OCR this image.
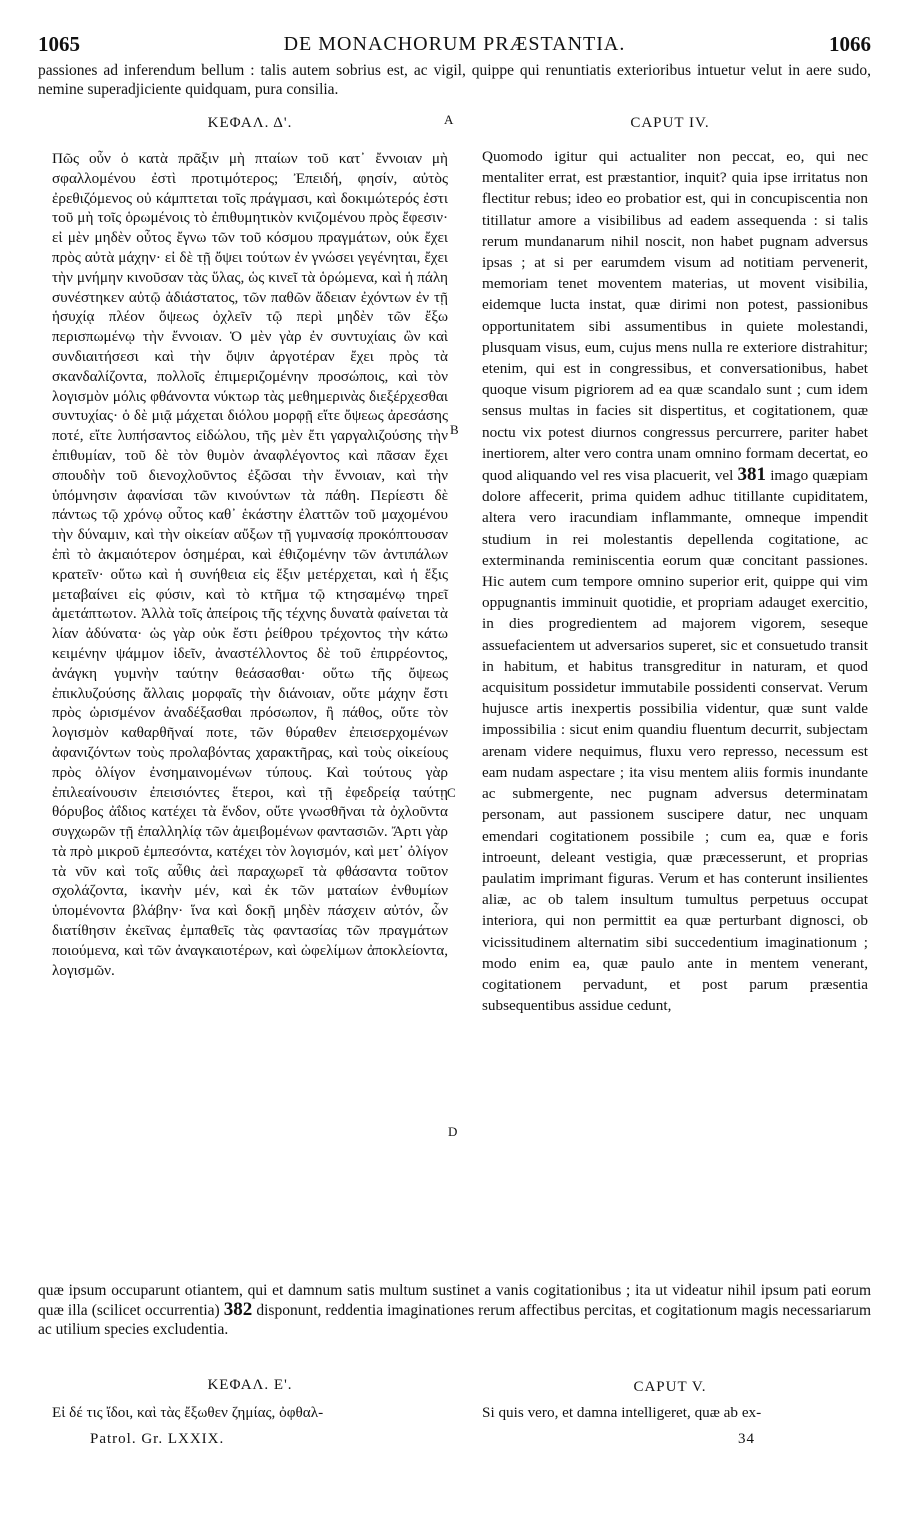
1065	DE MONACHORUM PRÆSTANTIA.	1066
passiones ad inferendum bellum : talis autem sobrius est, ac vigil, quippe qui renuntiatis exterioribus intuetur velut in aere sudo, nemine superadjiciente quidquam, pura consilia.
ΚΕΦΑΛ. Δ'.	A	CAPUT IV.
Πῶς οὖν ὁ κατὰ πρᾶξιν μὴ πταίων τοῦ κατ᾽ ἔννοιαν μὴ σφαλλομένου ἐστὶ προτιμότερος; Ἐπειδή, φησίν, αὐτὸς ἐρεθιζόμενος οὐ κάμπτεται τοῖς πράγμασι, καὶ δοκιμώτερός ἐστι τοῦ μὴ τοῖς ὁρωμένοις τὸ ἐπιθυμητικὸν κνιζομένου πρὸς ἔφεσιν· εἰ μὲν μηδὲν οὗτος ἔγνω τῶν τοῦ κόσμου πραγμάτων, οὐκ ἔχει πρὸς αὐτὰ μάχην· εἰ δὲ τῇ ὄψει τούτων ἐν γνώσει γεγένηται, ἔχει τὴν μνήμην κινοῦσαν τὰς ὕλας, ὡς κινεῖ τὰ ὁρώμενα, καὶ ἡ πάλη συνέστηκεν αὐτῷ ἀδιάστατος, τῶν παθῶν ἄδειαν ἐχόντων ἐν τῇ ἡσυχίᾳ πλέον ὄψεως ὀχλεῖν τῷ περὶ μηδὲν τῶν ἔξω περισπωμένῳ τὴν ἔννοιαν. Ὁ μὲν γὰρ ἐν συντυχίαις ὢν καὶ συνδιαιτήσεσι καὶ τὴν ὄψιν ἀργοτέραν ἔχει πρὸς τὰ σκανδαλίζοντα, πολλοῖς ἐπιμεριζομένην προσώποις, καὶ τὸν λογισμὸν μόλις φθάνοντα νύκτωρ τὰς μεθημερινὰς διεξέρχεσθαι συντυχίας· ὁ δὲ μιᾷ μάχεται διόλου μορφῇ εἴτε ὄψεως ἀρεσάσης ποτέ, εἴτε λυπήσαντος εἰδώλου, τῆς μὲν ἔτι γαργαλιζούσης τὴν ἐπιθυμίαν, τοῦ δὲ τὸν θυμὸν ἀναφλέγοντος καὶ πᾶσαν ἔχει σπουδὴν τοῦ διενοχλοῦντος ἐξῶσαι τὴν ἔννοιαν, καὶ τὴν ὑπόμνησιν ἀφανίσαι τῶν κινούντων τὰ πάθη. Περίεστι δὲ πάντως τῷ χρόνῳ οὗτος καθ᾽ ἑκάστην ἐλαττῶν τοῦ μαχομένου τὴν δύναμιν, καὶ τὴν οἰκείαν αὔξων τῇ γυμνασίᾳ προκόπτουσαν ἐπὶ τὸ ἀκμαιότερον ὁσημέραι, καὶ ἐθιζομένην τῶν ἀντιπάλων κρατεῖν· οὕτω καὶ ἡ συνήθεια εἰς ἕξιν μετέρχεται, καὶ ἡ ἕξις μεταβαίνει εἰς φύσιν, καὶ τὸ κτῆμα τῷ κτησαμένῳ τηρεῖ ἀμετάπτωτον. Ἀλλὰ τοῖς ἀπείροις τῆς τέχνης δυνατὰ φαίνεται τὰ λίαν ἀδύνατα· ὡς γὰρ οὐκ ἔστι ῥείθρου τρέχοντος τὴν κάτω κειμένην ψάμμον ἰδεῖν, ἀναστέλλοντος δὲ τοῦ ἐπιρρέοντος, ἀνάγκη γυμνὴν ταύτην θεάσασθαι· οὕτω τῆς ὄψεως ἐπικλυζούσης ἄλλαις μορφαῖς τὴν διάνοιαν, οὔτε μάχην ἔστι πρὸς ὡρισμένον ἀναδέξασθαι πρόσωπον, ἢ πάθος, οὔτε τὸν λογισμὸν καθαρθῆναί ποτε, τῶν θύραθεν ἐπεισερχομένων ἀφανιζόντων τοὺς προλαβόντας χαρακτῆρας, καὶ τοὺς οἰκείους πρὸς ὀλίγον ἐνσημαινομένων τύπους. Καὶ τούτους γὰρ ἐπιλεαίνουσιν ἐπεισιόντες ἕτεροι, καὶ τῇ ἐφεδρείᾳ ταύτῃ θόρυβος ἀΐδιος κατέχει τὰ ἔνδον, οὔτε γνωσθῆναι τὰ ὀχλοῦντα συγχωρῶν τῇ ἐπαλληλίᾳ τῶν ἀμειβομένων φαντασιῶν. Ἄρτι γὰρ τὰ πρὸ μικροῦ ἐμπεσόντα, κατέχει τὸν λογισμόν, καὶ μετ᾽ ὀλίγον τὰ νῦν καὶ τοῖς αὖθις ἀεὶ παραχωρεῖ τὰ φθάσαντα τοῦτον σχολάζοντα, ἱκανὴν μέν, καὶ ἐκ τῶν ματαίων ἐνθυμίων ὑπομένοντα βλάβην· ἵνα καὶ δοκῇ μηδὲν πάσχειν αὐτόν, ὧν διατίθησιν ἐκεῖνας ἐμπαθεῖς τὰς φαντασίας τῶν πραγμάτων ποιούμενα, καὶ τῶν ἀναγκαιοτέρων, καὶ ὠφελίμων ἀποκλείοντα, λογισμῶν.
Quomodo igitur qui actualiter non peccat, eo, qui nec mentaliter errat, est præstantior, inquit? quia ipse irritatus non flectitur rebus; ideo eo probatior est, qui in concupiscentia non titillatur amore a visibilibus ad eadem assequenda : si talis rerum mundanarum nihil noscit, non habet pugnam adversus ipsas ; at si per earumdem visum ad notitiam pervenerit, memoriam tenet moventem materias, ut movent visibilia, eidemque lucta instat, quæ dirimi non potest, passionibus opportunitatem sibi assumentibus in quiete molestandi, plusquam visus, eum, cujus mens nulla re exteriore distrahitur; etenim, qui est in congressibus, et conversationibus, habet quoque visum pigriorem ad ea quæ scandalo sunt ; cum idem sensus multas in facies sit dispertitus, et cogitationem, quæ noctu vix potest diurnos congressus percurrere, pariter habet inertiorem, alter vero contra unam omnino formam decertat, eo quod aliquando vel res visa placuerit, vel 381 imago quæpiam dolore affecerit, prima quidem adhuc titillante cupiditatem, altera vero iracundiam inflammante, omneque impendit studium in rei molestantis depellenda cogitatione, ac exterminanda reminiscentia eorum quæ concitant passiones. Hic autem cum tempore omnino superior erit, quippe qui vim oppugnantis imminuit quotidie, et propriam adauget exercitio, in dies progredientem ad majorem vigorem, seseque assuefacientem ut adversarios superet, sic et consuetudo transit in habitum, et habitus transgreditur in naturam, et quod acquisitum possidetur immutabile possidenti conservat. Verum hujusce artis inexpertis possibilia videntur, quæ sunt valde impossibilia : sicut enim quandiu fluentum decurrit, subjectam arenam videre nequimus, fluxu vero represso, necessum est eam nudam aspectare ; ita visu mentem aliis formis inundante ac submergente, nec pugnam adversus determinatam personam, aut passionem suscipere datur, nec unquam emendari cogitationem possibile ; cum ea, quæ e foris introeunt, deleant vestigia, quæ præcesserunt, et proprias paulatim imprimant figuras. Verum et has conterunt insilientes aliæ, ac ob talem insultum tumultus perpetuus occupat interiora, qui non permittit ea quæ perturbant dignosci, ob vicissitudinem alternatim sibi succedentium imaginationum ; modo enim ea, quæ paulo ante in mentem venerant, cogitationem pervadunt, et post parum præsentia subsequentibus assidue cedunt,
B
C
D
quæ ipsum occuparunt otiantem, qui et damnum satis multum sustinet a vanis cogitationibus ; ita ut videatur nihil ipsum pati eorum quæ illa (scilicet occurrentia) 382 disponunt, reddentia imaginationes rerum affectibus percitas, et cogitationum magis necessariarum ac utilium species excludentia.
ΚΕΦΑΛ. Ε'.	CAPUT V.
Εἰ δέ τις ἴδοι, καὶ τὰς ἔξωθεν ζημίας, ὀφθαλ-	Si quis vero, et damna intelligeret, quæ ab ex-
Patrol. Gr. LXXIX.	34
